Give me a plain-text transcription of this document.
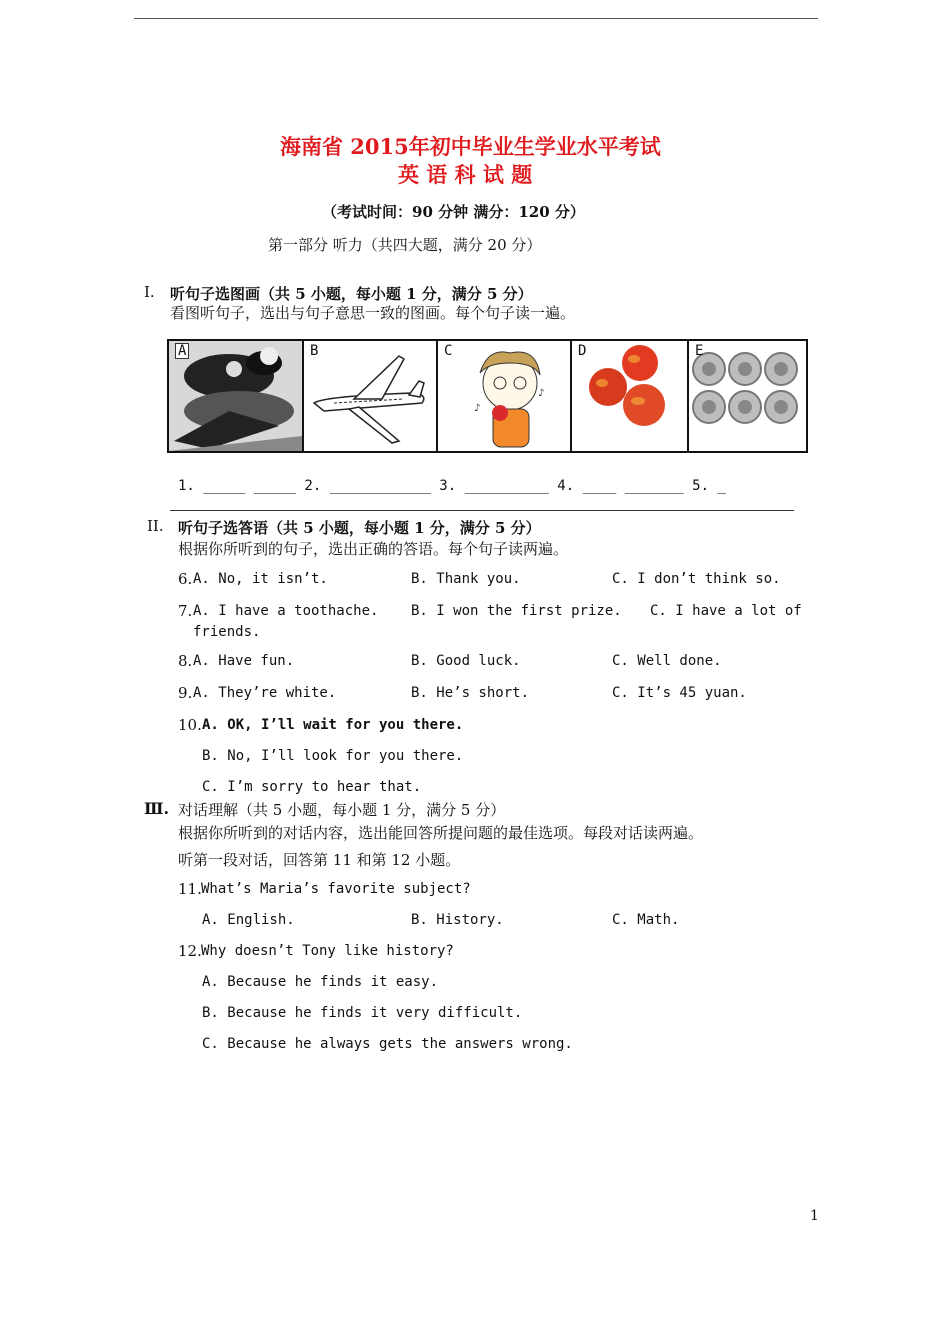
海南省 2015年初中毕业生学业水平考试
英 语 科 试 题
（考试时间：90 分钟 满分：120 分）
第一部分 听力（共四大题，满分 20 分）
I. 听句子选图画（共 5 小题，每小题 1 分，满分 5 分）
看图听句子，选出与句子意思一致的图画。每个句子读一遍。
A	B
♪
♪
C	D	E
1. _____ _____ 2. ____________ 3. __________ 4. ____ _______ 5. _
II. 听句子选答语（共 5 小题，每小题 1 分，满分 5 分）
根据你所听到的句子，选出正确的答语。每个句子读两遍。
6. A. No, it isn’t.	B. Thank you.	C. I don’t think so.
7. A. I have a toothache. B. I won the first prize. C. I have a lot of
friends.
8. A. Have fun.	B. Good luck.	C. Well done.
9. A. They’re white.	B. He’s short.	C. It’s 45 yuan.
10. A. OK, I’ll wait for you there.
B. No, I’ll look for you there.
C. I’m sorry to hear that.
Ⅲ. 对话理解（共 5 小题，每小题 1 分，满分 5 分）
根据你所听到的对话内容，选出能回答所提问题的最佳选项。每段对话读两遍。
听第一段对话，回答第 11 和第 12 小题。
11. What’s Maria’s favorite subject?
A. English.	B. History.	C. Math.
12. Why doesn’t Tony like history?
A. Because he finds it easy.
B. Because he finds it very difficult.
C. Because he always gets the answers wrong.
1
